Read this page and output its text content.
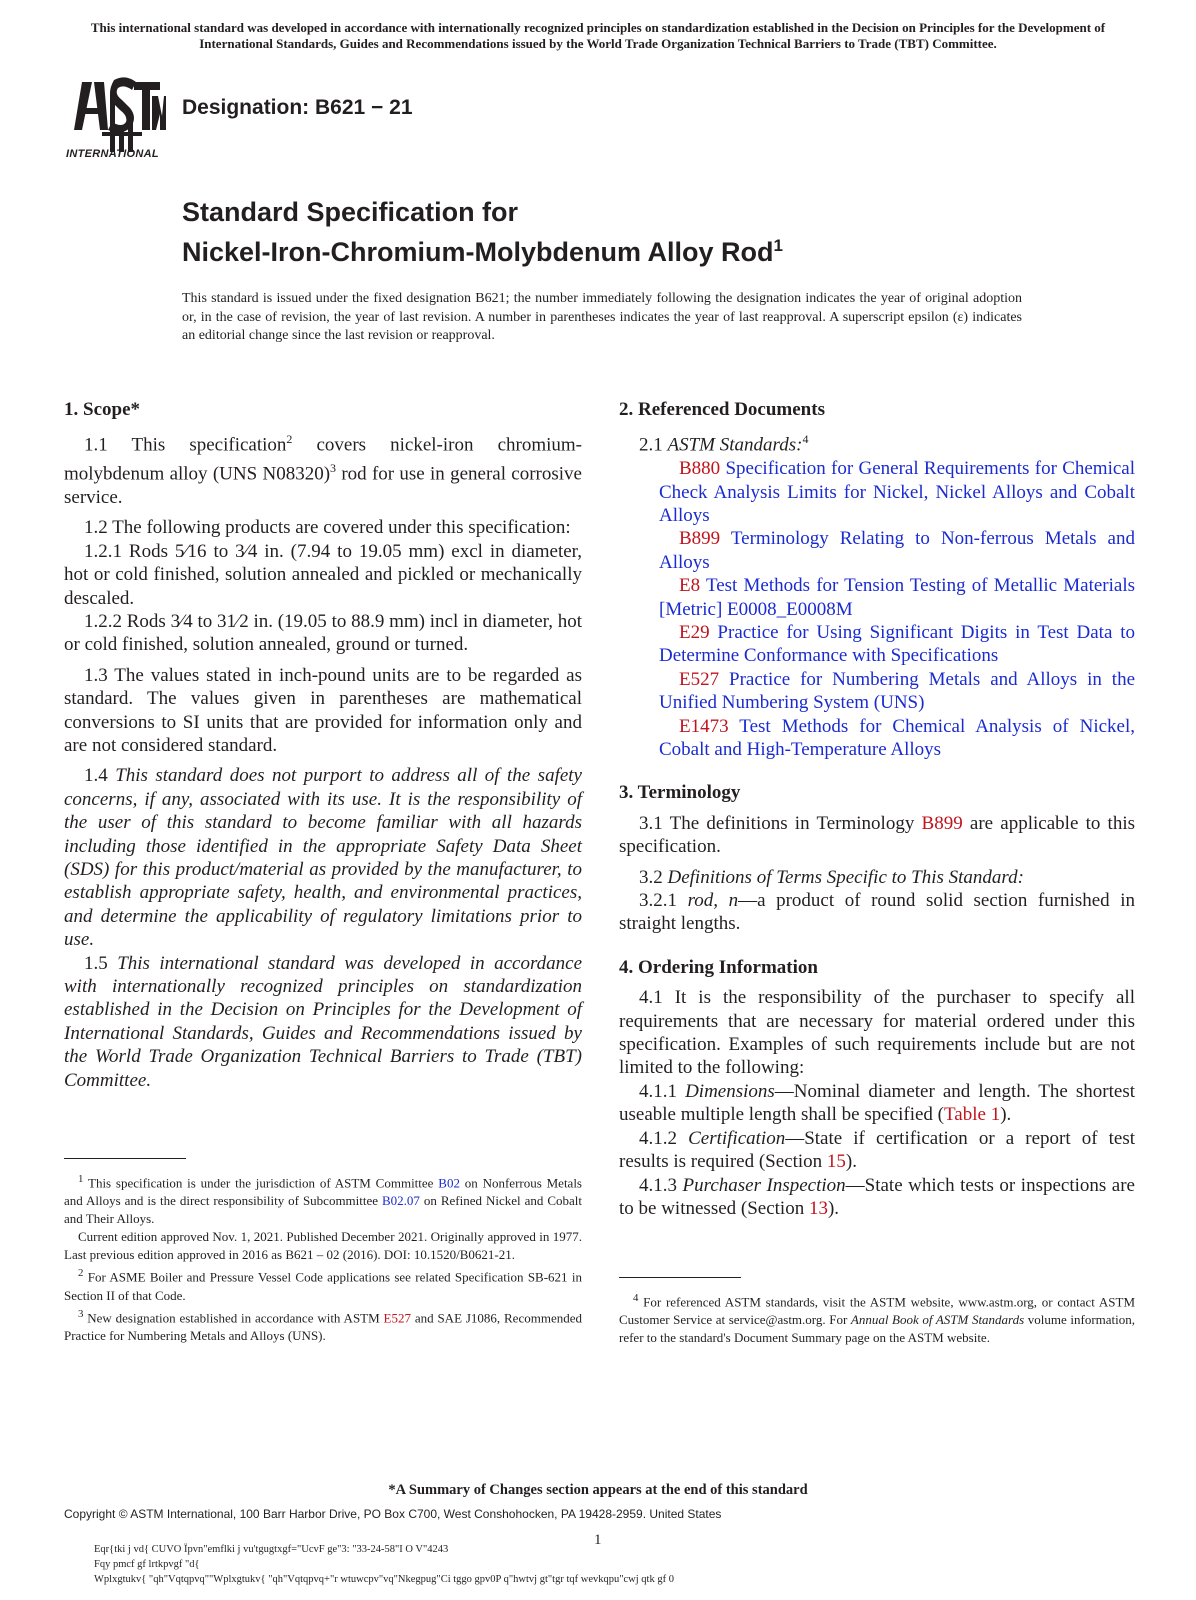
This international standard was developed in accordance with internationally recognized principles on standardization established in the Decision on Principles for the Development of International Standards, Guides and Recommendations issued by the World Trade Organization Technical Barriers to Trade (TBT) Committee.
INTERNATIONAL
Designation: B621 − 21
Standard Specification for
Nickel-Iron-Chromium-Molybdenum Alloy Rod$^1$
This standard is issued under the fixed designation B621; the number immediately following the designation indicates the year of original adoption or, in the case of revision, the year of last revision. A number in parentheses indicates the year of last reapproval. A superscript epsilon (ε) indicates an editorial change since the last revision or reapproval.
1. Scope*

1.1 This specification$^2$ covers nickel-iron chromium-molybdenum alloy (UNS N08320)$^3$ rod for use in general corrosive service.

1.2 The following products are covered under this specification:

1.2.1 Rods 5⁄16 to 3⁄4 in. (7.94 to 19.05 mm) excl in diameter, hot or cold finished, solution annealed and pickled or mechanically descaled.

1.2.2 Rods 3⁄4 to 31⁄2 in. (19.05 to 88.9 mm) incl in diameter, hot or cold finished, solution annealed, ground or turned.

1.3 The values stated in inch-pound units are to be regarded as standard. The values given in parentheses are mathematical conversions to SI units that are provided for information only and are not considered standard.

1.4 This standard does not purport to address all of the safety concerns, if any, associated with its use. It is the responsibility of the user of this standard to become familiar with all hazards including those identified in the appropriate Safety Data Sheet (SDS) for this product/material as provided by the manufacturer, to establish appropriate safety, health, and environmental practices, and determine the applicability of regulatory limitations prior to use.

1.5 This international standard was developed in accordance with internationally recognized principles on standardization established in the Decision on Principles for the Development of International Standards, Guides and Recommendations issued by the World Trade Organization Technical Barriers to Trade (TBT) Committee.

2. Referenced Documents

2.1 ASTM Standards:$^4$

B880 Specification for General Requirements for Chemical Check Analysis Limits for Nickel, Nickel Alloys and Cobalt Alloys

B899 Terminology Relating to Non-ferrous Metals and Alloys

E8 Test Methods for Tension Testing of Metallic Materials [Metric] E0008_E0008M

E29 Practice for Using Significant Digits in Test Data to Determine Conformance with Specifications

E527 Practice for Numbering Metals and Alloys in the Unified Numbering System (UNS)

E1473 Test Methods for Chemical Analysis of Nickel, Cobalt and High-Temperature Alloys

3. Terminology

3.1 The definitions in Terminology B899 are applicable to this specification.

3.2 Definitions of Terms Specific to This Standard:

3.2.1 rod, n—a product of round solid section furnished in straight lengths.

4. Ordering Information

4.1 It is the responsibility of the purchaser to specify all requirements that are necessary for material ordered under this specification. Examples of such requirements include but are not limited to the following:

4.1.1 Dimensions—Nominal diameter and length. The shortest useable multiple length shall be specified (Table 1).

4.1.2 Certification—State if certification or a report of test results is required (Section 15).

4.1.3 Purchaser Inspection—State which tests or inspections are to be witnessed (Section 13).

$^1$ This specification is under the jurisdiction of ASTM Committee B02 on Nonferrous Metals and Alloys and is the direct responsibility of Subcommittee B02.07 on Refined Nickel and Cobalt and Their Alloys.

Current edition approved Nov. 1, 2021. Published December 2021. Originally approved in 1977. Last previous edition approved in 2016 as B621 – 02 (2016). DOI: 10.1520/B0621-21.

$^2$ For ASME Boiler and Pressure Vessel Code applications see related Specification SB-621 in Section II of that Code.

$^3$ New designation established in accordance with ASTM E527 and SAE J1086, Recommended Practice for Numbering Metals and Alloys (UNS).

$^4$ For referenced ASTM standards, visit the ASTM website, www.astm.org, or contact ASTM Customer Service at service@astm.org. For Annual Book of ASTM Standards volume information, refer to the standard's Document Summary page on the ASTM website.

*A Summary of Changes section appears at the end of this standard
Copyright © ASTM International, 100 Barr Harbor Drive, PO Box C700, West Conshohocken, PA 19428-2959. United States
1
Eqr{tki j vd{ CUVO Ïpvn"emflki j vu'tgugtxgf="UcvF ge"3: "33-24-58"I O V"4243
Fqy pmcf gf lrtkpvgf "d{
Wplxgtukv{ "qh"Vqtqpvq""Wplxgtukv{ "qh"Vqtqpvq+"r wtuwcpv"vq"Nkegpug"Ci tggo gpv0P q"hwtvj gt"tgr tqf wevkqpu"cwj qtk gf 0
